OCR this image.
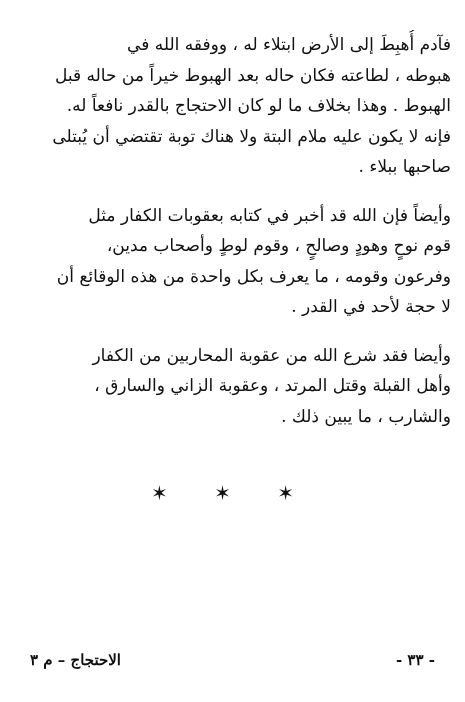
فآدم أُهبِطَ إلى الأرض ابتلاء له ، ووفقه الله في
هبوطه ، لطاعته فكان حاله بعد الهبوط خيراً من حاله قبل
الهبوط . وهذا بخلاف ما لو كان الاحتجاج بالقدر نافعاً له.
فإنه لا يكون عليه ملام البتة ولا هناك توبة تقتضي أن يُبتلى
صاحبها ببلاء .

وأيضاً فإن الله قد أخبر في كتابه بعقوبات الكفار مثل
قوم نوحٍ وهودٍ وصالحٍ ، وقوم لوطٍ وأصحاب مدين،
وفرعون وقومه ، ما يعرف بكل واحدة من هذه الوقائع أن
لا حجة لأحد في القدر .

وأيضا فقد شرع الله من عقوبة المحاربين من الكفار
وأهل القبلة وقتل المرتد ، وعقوبة الزاني والسارق ،
والشارب ، ما يبين ذلك .

✶ ✶ ✶
- ٣٣ -
الاحتجاج – م ٣
